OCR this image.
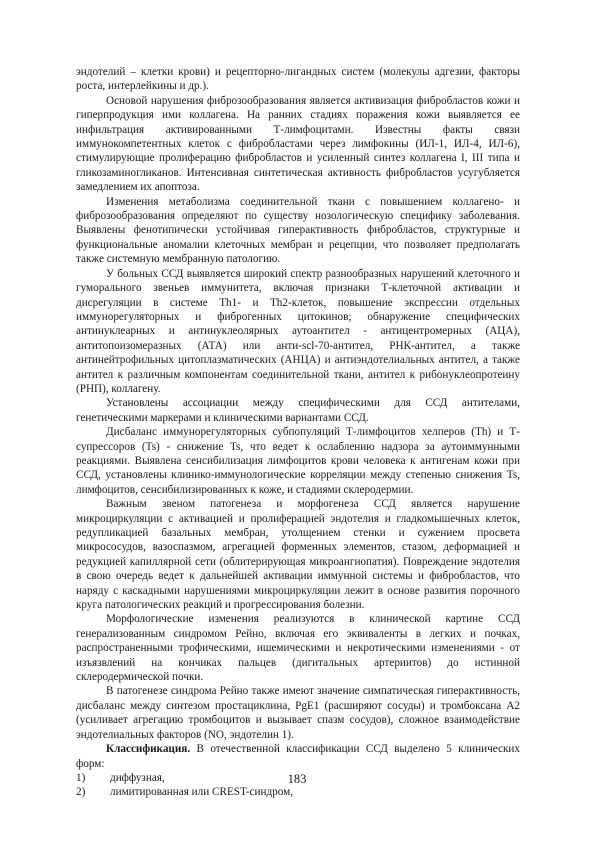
эндотелий – клетки крови) и рецепторно-лигандных систем (молекулы адгезии, факторы роста, интерлейкины и др.).

Основой нарушения фиброзообразования является активизация фибробластов кожи и гиперпродукция ими коллагена. На ранних стадиях поражения кожи выявляется ее инфильтрация активированными Т-лимфоцитами. Известны факты связи иммунокомпетентных клеток с фибробластами через лимфокины (ИЛ-1, ИЛ-4, ИЛ-6), стимулирующие пролиферацию фибробластов и усиленный синтез коллагена I, III типа и гликозаминогликанов. Интенсивная синтетическая активность фибробластов усугубляется замедлением их апоптоза.

Изменения метаболизма соединительной ткани с повышением коллагено- и фиброзообразования определяют по существу нозологическую специфику заболевания. Выявлены фенотипически устойчивая гиперактивность фибробластов, структурные и функциональные аномалии клеточных мембран и рецепции, что позволяет предполагать также системную мембранную патологию.

У больных ССД выявляется широкий спектр разнообразных нарушений клеточного и гуморального звеньев иммунитета, включая признаки Т-клеточной активации и дисрегуляции в системе Th1- и Th2-клеток, повышение экспрессии отдельных иммунорегуляторных и фиброгенных цитокинов; обнаружение специфических антинуклеарных и антинуклеолярных аутоантител - антицентромерных (АЦА), антитопоизомеразных (АТА) или анти-scl-70-антител, РНК-антител, а также антинейтрофильных цитоплазматических (АНЦА) и антиэндотелиальных антител, а также антител к различным компонентам соединительной ткани, антител к рибонуклеопротеину (РНП), коллагену.

Установлены ассоциации между специфическими для ССД антителами, генетическими маркерами и клиническими вариантами ССД.

Дисбаланс иммунорегуляторных субпопуляций Т-лимфоцитов хелперов (Th) и Т-супрессоров (Ts) - снижение Ts, что ведет к ослаблению надзора за аутоиммунными реакциями. Выявлена сенсибилизация лимфоцитов крови человека к антигенам кожи при ССД, установлены клинико-иммунологические корреляции между степенью снижения Ts, лимфоцитов, сенсибилизированных к коже, и стадиями склеродермии.

Важным звеном патогенеза и морфогенеза ССД является нарушение микроциркуляции с активацией и пролиферацией эндотелия и гладкомышечных клеток, редупликацией базальных мембран, утолщением стенки и сужением просвета микрососудов, вазоспазмом, агрегацией форменных элементов, стазом, деформацией и редукцией капиллярной сети (облитерирующая микроангиопатия). Повреждение эндотелия в свою очередь ведет к дальнейшей активации иммунной системы и фибробластов, что наряду с каскадными нарушениями микроциркуляции лежит в основе развития порочного круга патологических реакций и прогрессирования болезни.

Морфологические изменения реализуются в клинической картине ССД генерализованным синдромом Рейно, включая его эквиваленты в легких и почках, распространенными трофическими, ишемическими и некротическими изменениями - от изъязвлений на кончиках пальцев (дигитальных артериитов) до истинной склеродермической почки.

В патогенезе синдрома Рейно также имеют значение симпатическая гиперактивность, дисбаланс между синтезом простациклина, PgE1 (расширяют сосуды) и тромбоксана А2 (усиливает агрегацию тромбоцитов и вызывает спазм сосудов), сложное взаимодействие эндотелиальных факторов (NO, эндотелин 1).

Классификация. В отечественной классификации ССД выделено 5 клинических форм:

1)	диффузная,
2)	лимитированная или CREST-синдром,
183
